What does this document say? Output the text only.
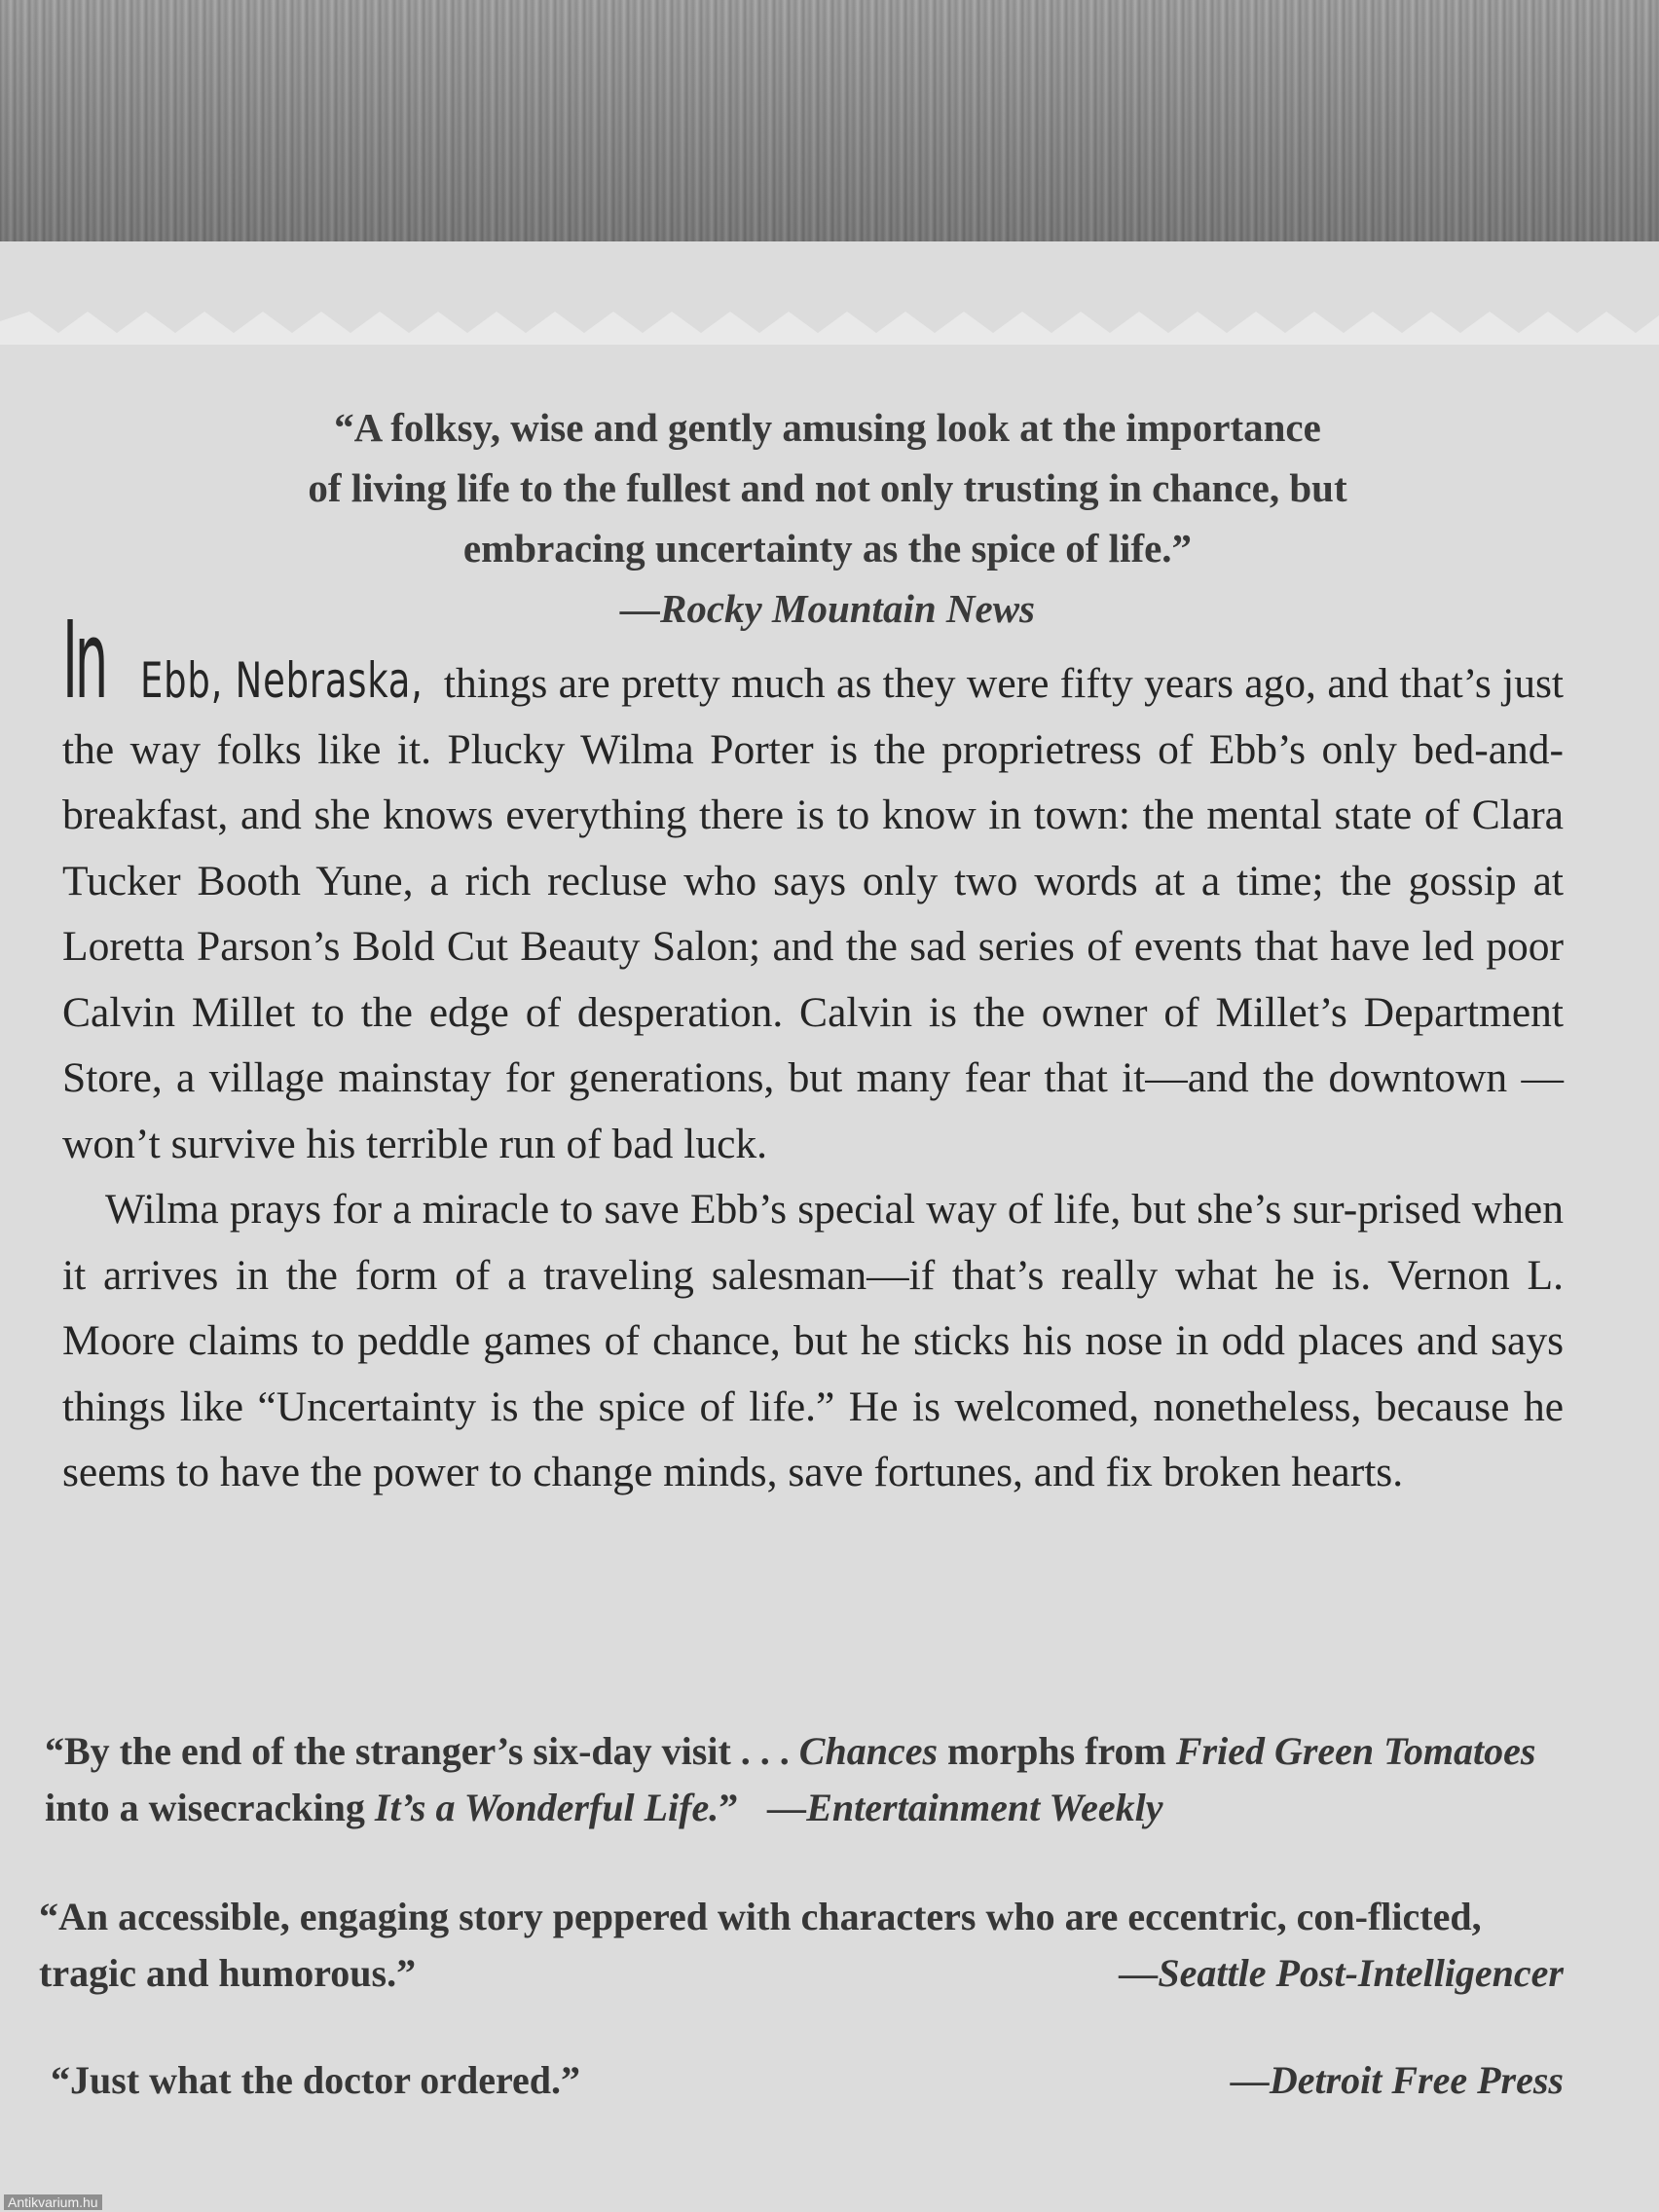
“A folksy, wise and gently amusing look at the importance
of living life to the fullest and not only trusting in chance, but
embracing uncertainty as the spice of life.”
—Rocky Mountain News

In Ebb, Nebraska, things are pretty much as they were fifty years ago, and that’s just the way folks like it. Plucky Wilma Porter is the proprietress of Ebb’s only bed-and-breakfast, and she knows everything there is to know in town: the mental state of Clara Tucker Booth Yune, a rich recluse who says only two words at a time; the gossip at Loretta Parson’s Bold Cut Beauty Salon; and the sad series of events that have led poor Calvin Millet to the edge of desperation. Calvin is the owner of Millet’s Department Store, a village mainstay for generations, but many fear that it—and the downtown —won’t survive his terrible run of bad luck.

Wilma prays for a miracle to save Ebb’s special way of life, but she’s sur-prised when it arrives in the form of a traveling salesman—if that’s really what he is. Vernon L. Moore claims to peddle games of chance, but he sticks his nose in odd places and says things like “Uncertainty is the spice of life.” He is welcomed, nonetheless, because he seems to have the power to change minds, save fortunes, and fix broken hearts.

“By the end of the stranger’s six-day visit . . . Chances morphs from Fried Green Tomatoes into a wisecracking It’s a Wonderful Life.” —Entertainment Weekly
“An accessible, engaging story peppered with characters who are eccentric, con-flicted, tragic and humorous.”	—Seattle Post-Intelligencer
“Just what the doctor ordered.”	—Detroit Free Press
Antikvarium.hu
